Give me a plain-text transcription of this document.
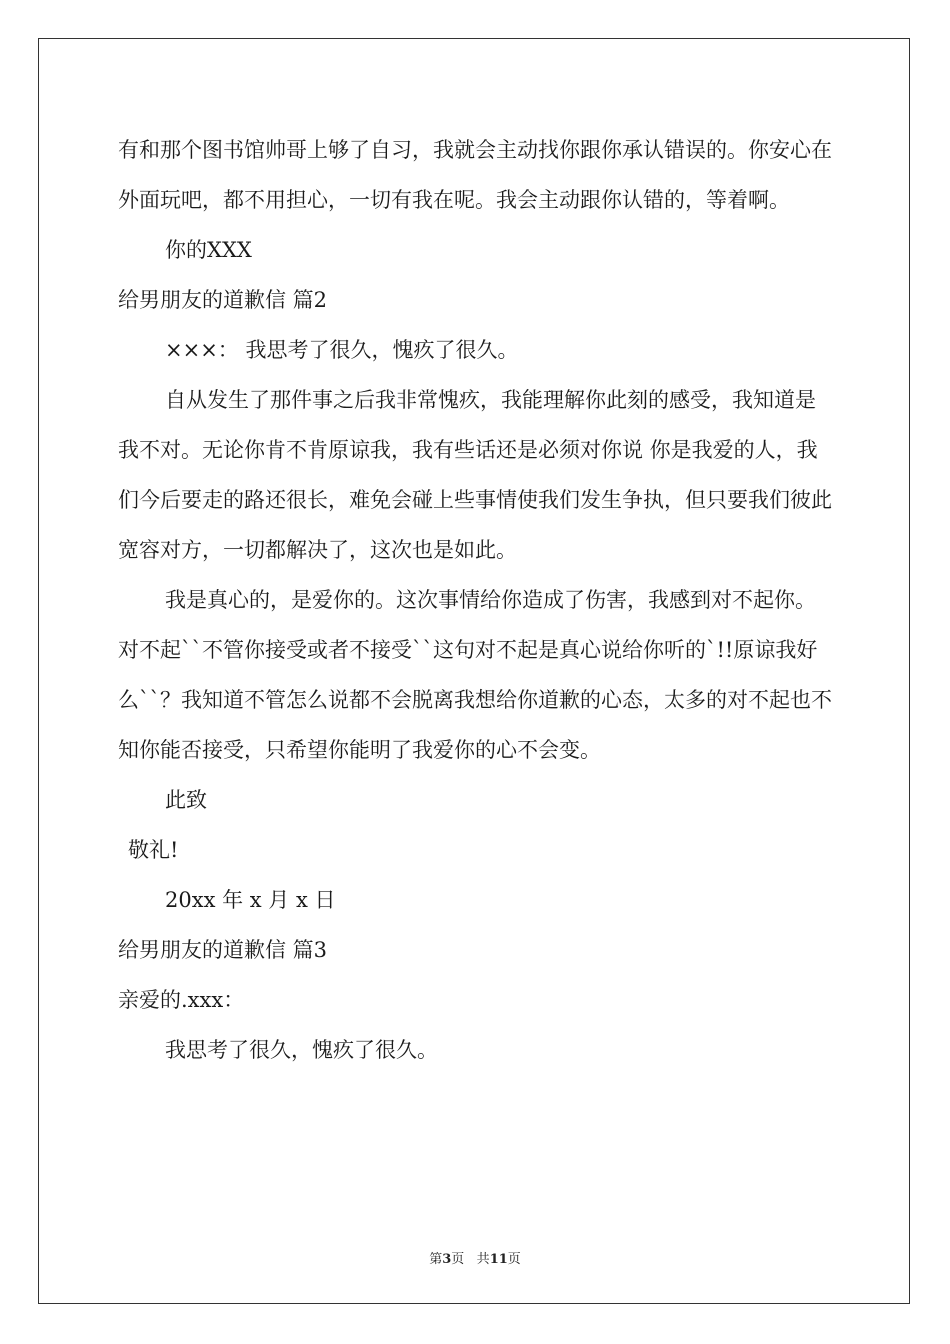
有和那个图书馆帅哥上够了自习，我就会主动找你跟你承认错误的。你安心在外面玩吧，都不用担心，一切有我在呢。我会主动跟你认错的，等着啊。

你的XXX

给男朋友的道歉信 篇2

×××： 我思考了很久，愧疚了很久。

自从发生了那件事之后我非常愧疚，我能理解你此刻的感受，我知道是我不对。无论你肯不肯原谅我，我有些话还是必须对你说 你是我爱的人，我们今后要走的路还很长，难免会碰上些事情使我们发生争执，但只要我们彼此宽容对方，一切都解决了，这次也是如此。

我是真心的，是爱你的。这次事情给你造成了伤害，我感到对不起你。对不起``不管你接受或者不接受``这句对不起是真心说给你听的`!!原谅我好么``？我知道不管怎么说都不会脱离我想给你道歉的心态，太多的对不起也不知你能否接受，只希望你能明了我爱你的心不会变。

此致

敬礼!

20xx 年 x 月 x 日

给男朋友的道歉信 篇3

亲爱的.xxx：

我思考了很久，愧疚了很久。

第3页 共11页
